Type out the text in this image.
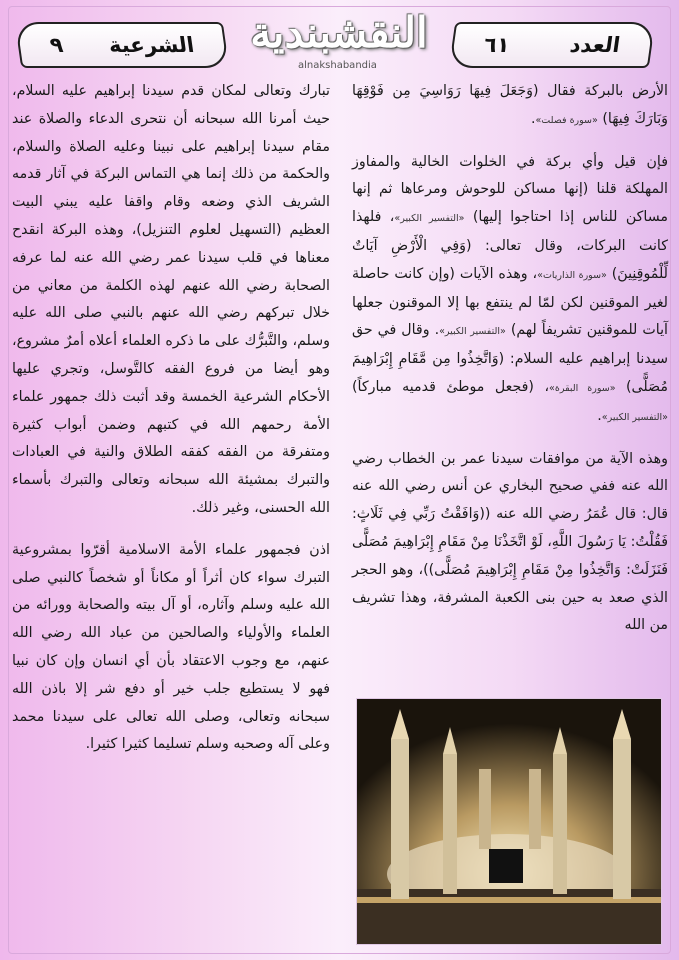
العدد
٦١
النقشبندية
alnakshabandia
الشرعية
٩

الأرض بالبركة فقال (وَجَعَلَ فِيهَا رَوَاسِيَ مِن فَوْقِهَا وَبَارَكَ فِيهَا) «سورة فصلت».

فإن قيل وأي بركة في الخلوات الخالية والمفاوز المهلكة قلنا (إنها مساكن للوحوش ومرعاها ثم إنها مساكن للناس إذا احتاجوا إليها) «التفسير الكبير»، فلهذا كانت البركات، وقال تعالى: (وَفِي الْأَرْضِ آيَاتٌ لِّلْمُوقِنِينَ) «سورة الذاريات»، وهذه الآيات (وإن كانت حاصلة لغير الموقنين لكن لمّا لم ينتفع بها إلا الموقنون جعلها آيات للموقنين تشريفاً لهم) «التفسير الكبير». وقال في حق سيدنا إبراهيم عليه السلام: (وَاتَّخِذُوا مِن مَّقَامِ إِبْرَاهِيمَ مُصَلًّى) «سورة البقرة»، (فجعل موطئ قدميه مباركاً) «التفسير الكبير».

وهذه الآية من موافقات سيدنا عمر بن الخطاب رضي الله عنه ففي صحيح البخاري عن أنس رضي الله عنه قال: قال عُمَرُ رضي الله عنه ((وَافَقْتُ رَبِّي فِي ثَلَاثٍ: فَقُلْتُ: يَا رَسُولَ اللَّهِ، لَوْ اتَّخَذْنَا مِنْ مَقَامِ إِبْرَاهِيمَ مُصَلًّى فَنَزَلَتْ: وَاتَّخِذُوا مِنْ مَقَامِ إِبْرَاهِيمَ مُصَلًّى))، وهو الحجر الذي صعد به حين بنى الكعبة المشرفة، وهذا تشريف من الله

تبارك وتعالى لمكان قدم سيدنا إبراهيم عليه السلام، حيث أمرنا الله سبحانه أن نتحرى الدعاء والصلاة عند مقام سيدنا إبراهيم على نبينا وعليه الصلاة والسلام، والحكمة من ذلك إنما هي التماس البركة في آثار قدمه الشريف الذي وضعه وقام واقفا عليه يبني البيت العظيم (التسهيل لعلوم التنزيل)، وهذه البركة انقدح معناها في قلب سيدنا عمر رضي الله عنه لما عرفه الصحابة رضي الله عنهم لهذه الكلمة من معاني من خلال تبركهم رضي الله عنهم بالنبي صلى الله عليه وسلم، والتَّبرُّك على ما ذكره العلماء أعلاه أمرٌ مشروع، وهو أيضا من فروع الفقه كالتَّوسل، وتجري عليها الأحكام الشرعية الخمسة وقد أثبت ذلك جمهور علماء الأمة رحمهم الله في كتبهم وضمن أبواب كثيرة ومتفرقة من الفقه كفقه الطلاق والنية في العبادات والتبرك بمشيئة الله سبحانه وتعالى والتبرك بأسماء الله الحسنى، وغير ذلك.

اذن فجمهور علماء الأمة الاسلامية أقرّوا بمشروعية التبرك سواء كان أثراً أو مكاناً أو شخصاً كالنبي صلى الله عليه وسلم وآثاره، أو آل بيته والصحابة وورائه من العلماء والأولياء والصالحين من عباد الله رضي الله عنهم، مع وجوب الاعتقاد بأن أي انسان وإن كان نبيا فهو لا يستطيع جلب خير أو دفع شر إلا باذن الله سبحانه وتعالى، وصلى الله تعالى على سيدنا محمد وعلى آله وصحبه وسلم تسليما كثيرا كثيرا.
